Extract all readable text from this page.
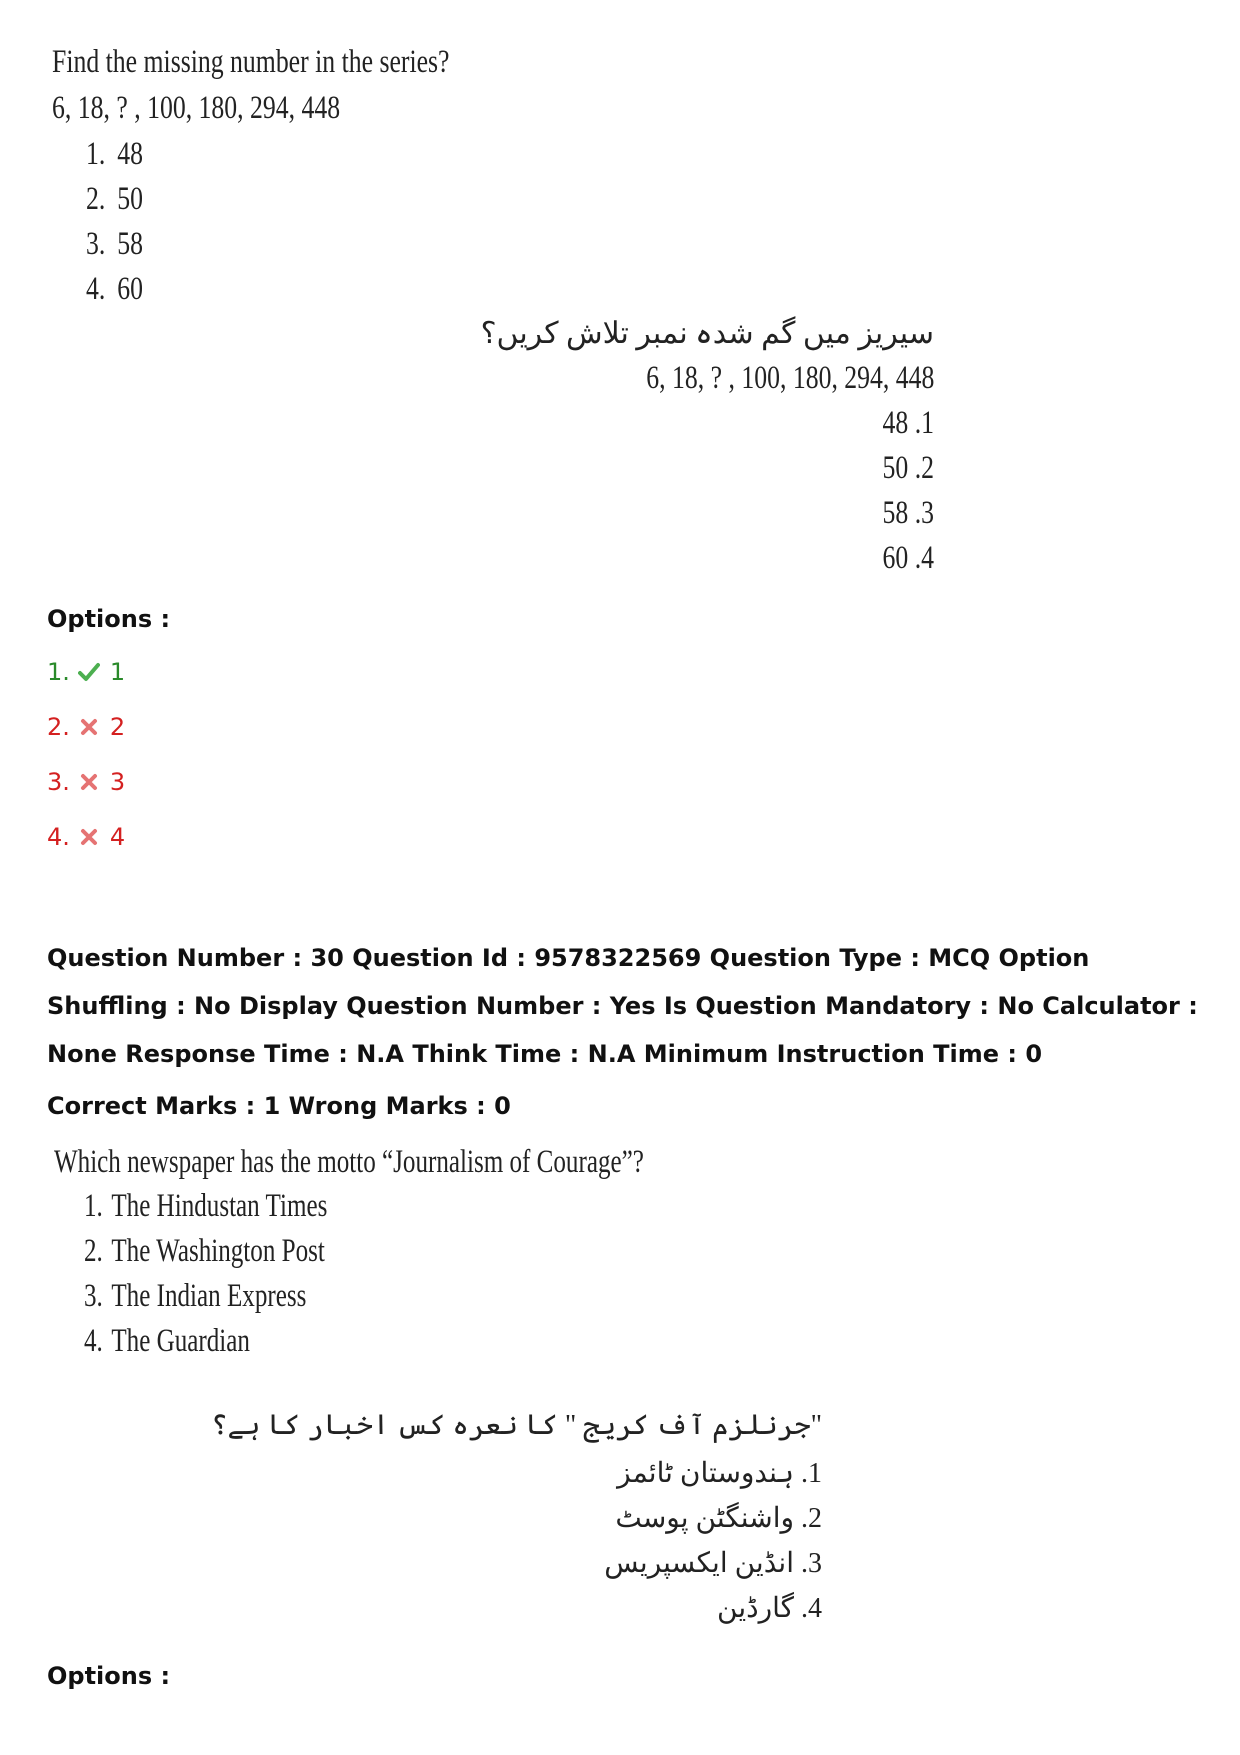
Find the missing number in the series?
6, 18, ? , 100, 180, 294, 448
1. 48
2. 50
3. 58
4. 60
سیریز میں گم شدہ نمبر تلاش کریں؟
6, 18, ? , 100, 180, 294, 448
48 .1
50 .2
58 .3
60 .4
Options :
1. 1
2. 2
3. 3
4. 4
Question Number : 30 Question Id : 9578322569 Question Type : MCQ Option Shuffling : No Display Question Number : Yes Is Question Mandatory : No Calculator : None Response Time : N.A Think Time : N.A Minimum Instruction Time : 0
Correct Marks : 1 Wrong Marks : 0
Which newspaper has the motto “Journalism of Courage”?
1. The Hindustan Times
2. The Washington Post
3. The Indian Express
4. The Guardian
"جرنلزم آف کریج " کا نعرہ کس اخبار کا ہے؟
1. ہندوستان ٹائمز
2. واشنگٹن پوسٹ
3. انڈین ایکسپریس
4. گارڈین
Options :
